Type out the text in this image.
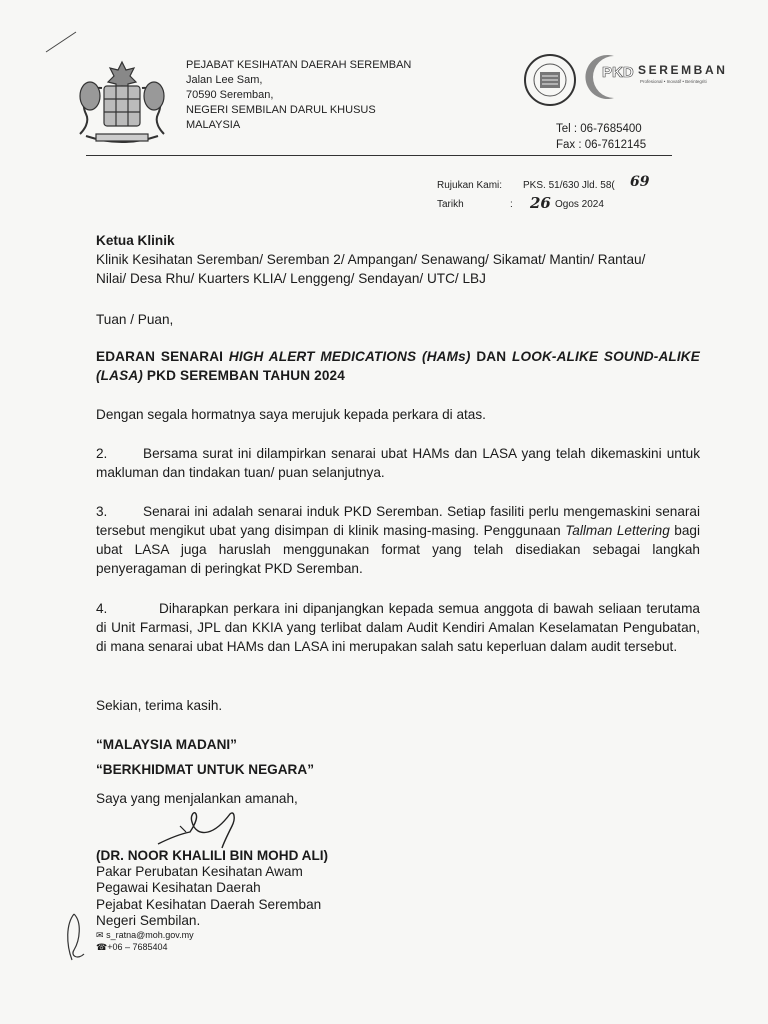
PEJABAT KESIHATAN DAERAH SEREMBAN
Jalan Lee Sam,
70590 Seremban,
NEGERI SEMBILAN DARUL KHUSUS
MALAYSIA
PKD SEREMBAN
Profesional • Inovatif • Berintegriti
Tel : 06-7685400
Fax : 06-7612145
Rujukan Kami: PKS. 51/630 Jld. 58( 69
Tarikh	: 26 Ogos 2024
Ketua Klinik
Klinik Kesihatan Seremban/ Seremban 2/ Ampangan/ Senawang/ Sikamat/ Mantin/ Rantau/
Nilai/ Desa Rhu/ Kuarters KLIA/ Lenggeng/ Sendayan/ UTC/ LBJ
Tuan / Puan,
EDARAN SENARAI HIGH ALERT MEDICATIONS (HAMs) DAN LOOK-ALIKE SOUND-ALIKE (LASA) PKD SEREMBAN TAHUN 2024
Dengan segala hormatnya saya merujuk kepada perkara di atas.
2.	Bersama surat ini dilampirkan senarai ubat HAMs dan LASA yang telah dikemaskini untuk makluman dan tindakan tuan/ puan selanjutnya.
3.	Senarai ini adalah senarai induk PKD Seremban. Setiap fasiliti perlu mengemaskini senarai tersebut mengikut ubat yang disimpan di klinik masing-masing. Penggunaan Tallman Lettering bagi ubat LASA juga haruslah menggunakan format yang telah disediakan sebagai langkah penyeragaman di peringkat PKD Seremban.
4.	Diharapkan perkara ini dipanjangkan kepada semua anggota di bawah seliaan terutama di Unit Farmasi, JPL dan KKIA yang terlibat dalam Audit Kendiri Amalan Keselamatan Pengubatan, di mana senarai ubat HAMs dan LASA ini merupakan salah satu keperluan dalam audit tersebut.
Sekian, terima kasih.
“MALAYSIA MADANI”
“BERKHIDMAT UNTUK NEGARA”
Saya yang menjalankan amanah,
(DR. NOOR KHALILI BIN MOHD ALI)
Pakar Perubatan Kesihatan Awam
Pegawai Kesihatan Daerah
Pejabat Kesihatan Daerah Seremban
Negeri Sembilan.
✉ s_ratna@moh.gov.my
☎+06 – 7685404
